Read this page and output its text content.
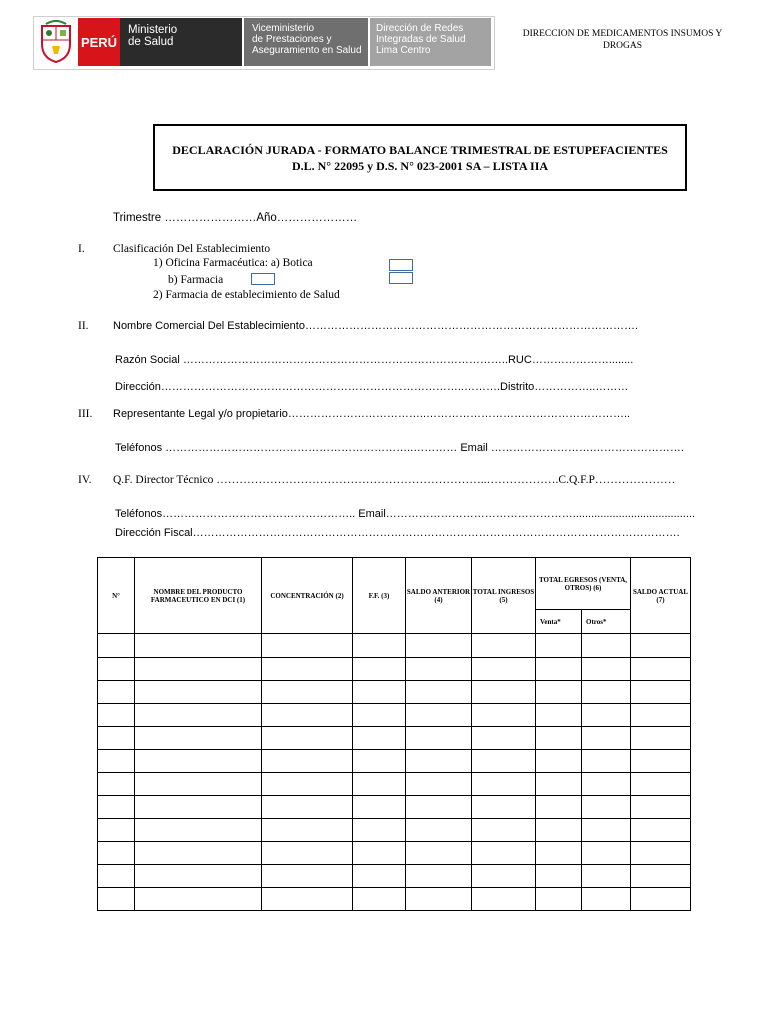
PERÚ
Ministerio
de Salud
Viceministerio
de Prestaciones y
Aseguramiento en Salud
Dirección de Redes
Integradas de Salud
Lima Centro
DIRECCION DE MEDICAMENTOS INSUMOS Y
DROGAS
DECLARACIÓN JURADA - FORMATO BALANCE TRIMESTRAL DE ESTUPEFACIENTES
D.L. N° 22095 y D.S. N° 023-2001 SA – LISTA IIA
Trimestre ……………………Año…………………
I. Clasificación Del Establecimiento
1) Oficina Farmacéutica: a) Botica
b) Farmacia
2) Farmacia de establecimiento de Salud
II. Nombre Comercial Del Establecimiento……………………………………………………………………………….
Razón Social ……………………………………………………………………………..RUC…………………........
Dirección………………………………………………………………………..……….Distrito……………..………
III. Representante Legal y/o propietario………………………………..………………………………………………..
Teléfonos …………………………………………………………..………… Email ……………………….…………………….
IV. Q.F. Director Técnico ……………………………………………………………..……………….C.Q.F.P…………………
Teléfonos…………………………………………….. Email……………………………………………........................................
Dirección Fiscal…………………………………………………………………………………………………………………….
N°	NOMBRE DEL PRODUCTO FARMACEUTICO EN DCI (1)	CONCENTRACIÓN (2)	F.F. (3)	SALDO ANTERIOR (4)	TOTAL INGRESOS (5)	TOTAL EGRESOS (VENTA, OTROS) (6)		SALDO ACTUAL (7)
						Venta*	Otros*	
